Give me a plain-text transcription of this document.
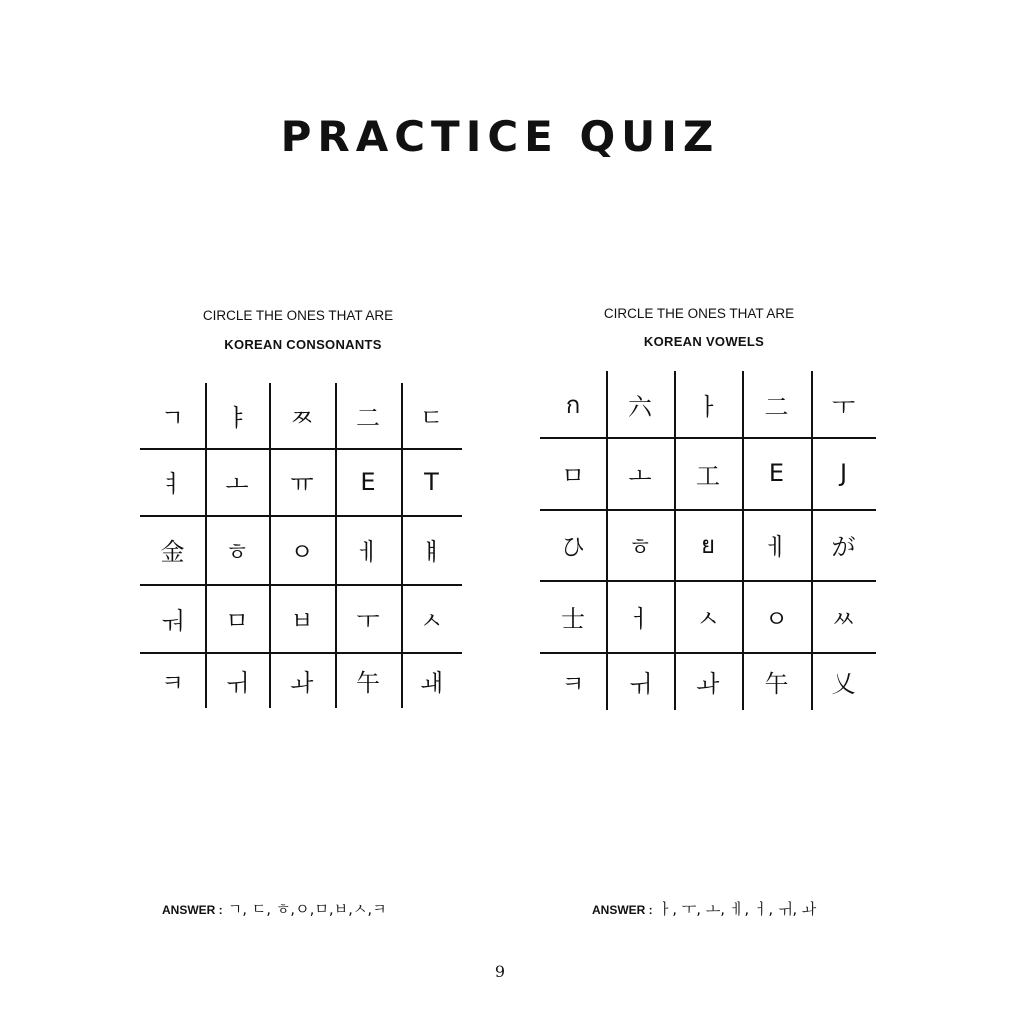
PRACTICE QUIZ
CIRCLE THE ONES THAT ARE
KOREAN CONSONANTS
CIRCLE THE ONES THAT ARE
KOREAN VOWELS
ㄱ	ㅑ	ㅉ	二	ㄷ
ㅕ	ㅗ	ㅠ	E	T
金	ㅎ	ㅇ	ㅔ	ㅒ
ㅝ	ㅁ	ㅂ	ㅜ	ㅅ
ㅋ	ㅟ	ㅘ	午	ㅙ
ก	六	ㅏ	二	ㅜ
ㅁ	ㅗ	工	E	J
ひ	ㅎ	ย	ㅔ	が
士	ㅓ	ㅅ	ㅇ	ㅆ
ㅋ	ㅟ	ㅘ	午	乂
ANSWER : ㄱ, ㄷ, ㅎ,ㅇ,ㅁ,ㅂ,ㅅ,ㅋ	ANSWER : ㅏ, ㅜ, ㅗ, ㅔ, ㅓ, ㅟ, ㅘ
9
